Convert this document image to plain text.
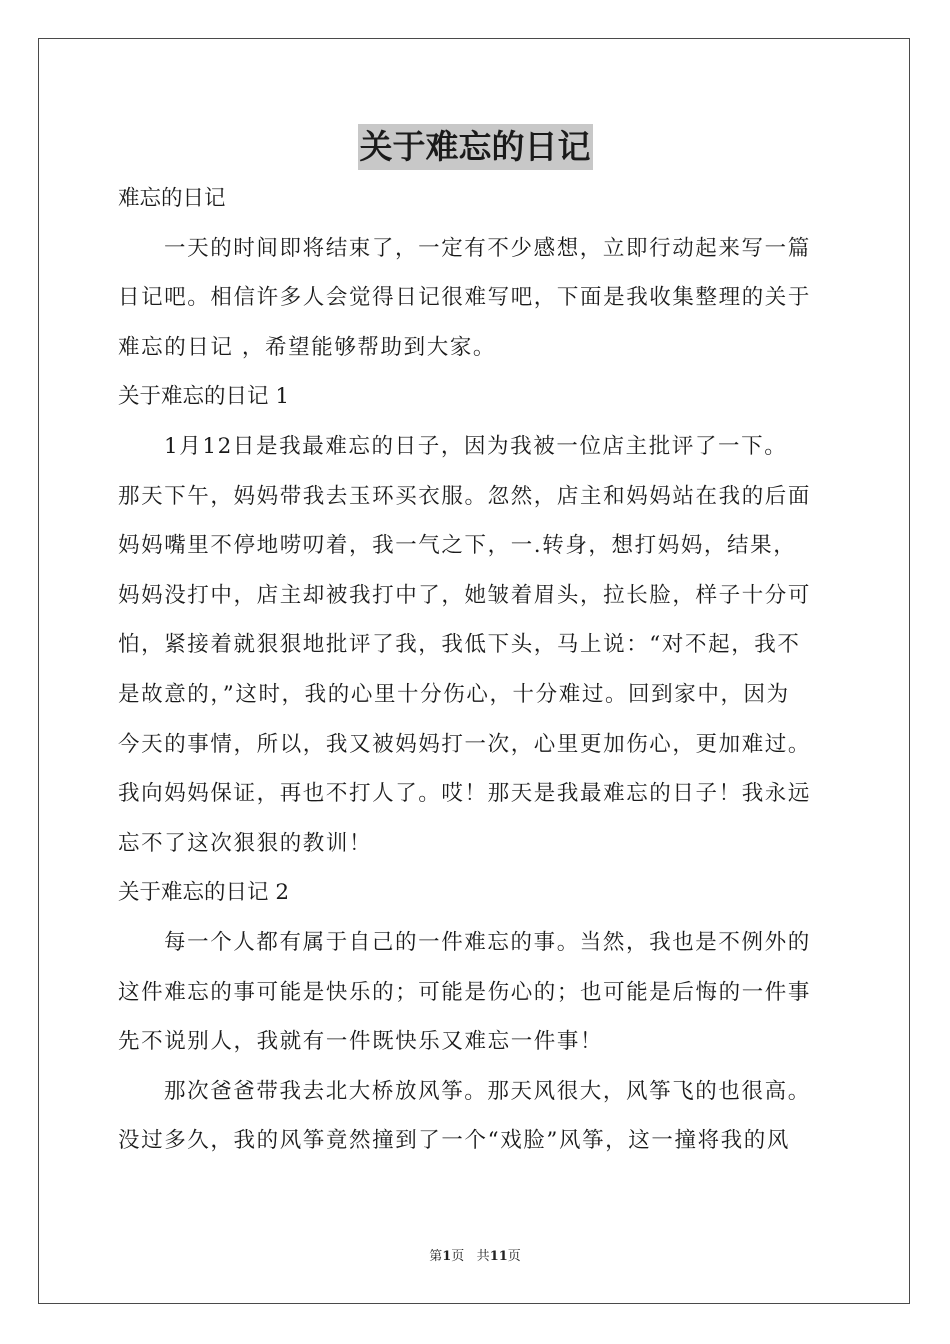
关于难忘的日记
难忘的日记
一天的时间即将结束了，一定有不少感想，立即行动起来写一篇
日记吧。相信许多人会觉得日记很难写吧，下面是我收集整理的关于
难忘的日记 ，希望能够帮助到大家。
关于难忘的日记 1
1月12日是我最难忘的日子，因为我被一位店主批评了一下。
那天下午，妈妈带我去玉环买衣服。忽然，店主和妈妈站在我的后面
妈妈嘴里不停地唠叨着，我一气之下，一.转身，想打妈妈，结果，
妈妈没打中，店主却被我打中了，她皱着眉头，拉长脸，样子十分可
怕，紧接着就狠狠地批评了我，我低下头，马上说：“对不起，我不
是故意的，”这时，我的心里十分伤心，十分难过。回到家中，因为
今天的事情，所以，我又被妈妈打一次，心里更加伤心，更加难过。
我向妈妈保证，再也不打人了。哎！那天是我最难忘的日子！我永远
忘不了这次狠狠的教训！
关于难忘的日记 2
每一个人都有属于自己的一件难忘的事。当然，我也是不例外的
这件难忘的事可能是快乐的；可能是伤心的；也可能是后悔的一件事
先不说别人，我就有一件既快乐又难忘一件事！
那次爸爸带我去北大桥放风筝。那天风很大，风筝飞的也很高。
没过多久，我的风筝竟然撞到了一个“戏脸”风筝，这一撞将我的风
第1页 共11页
